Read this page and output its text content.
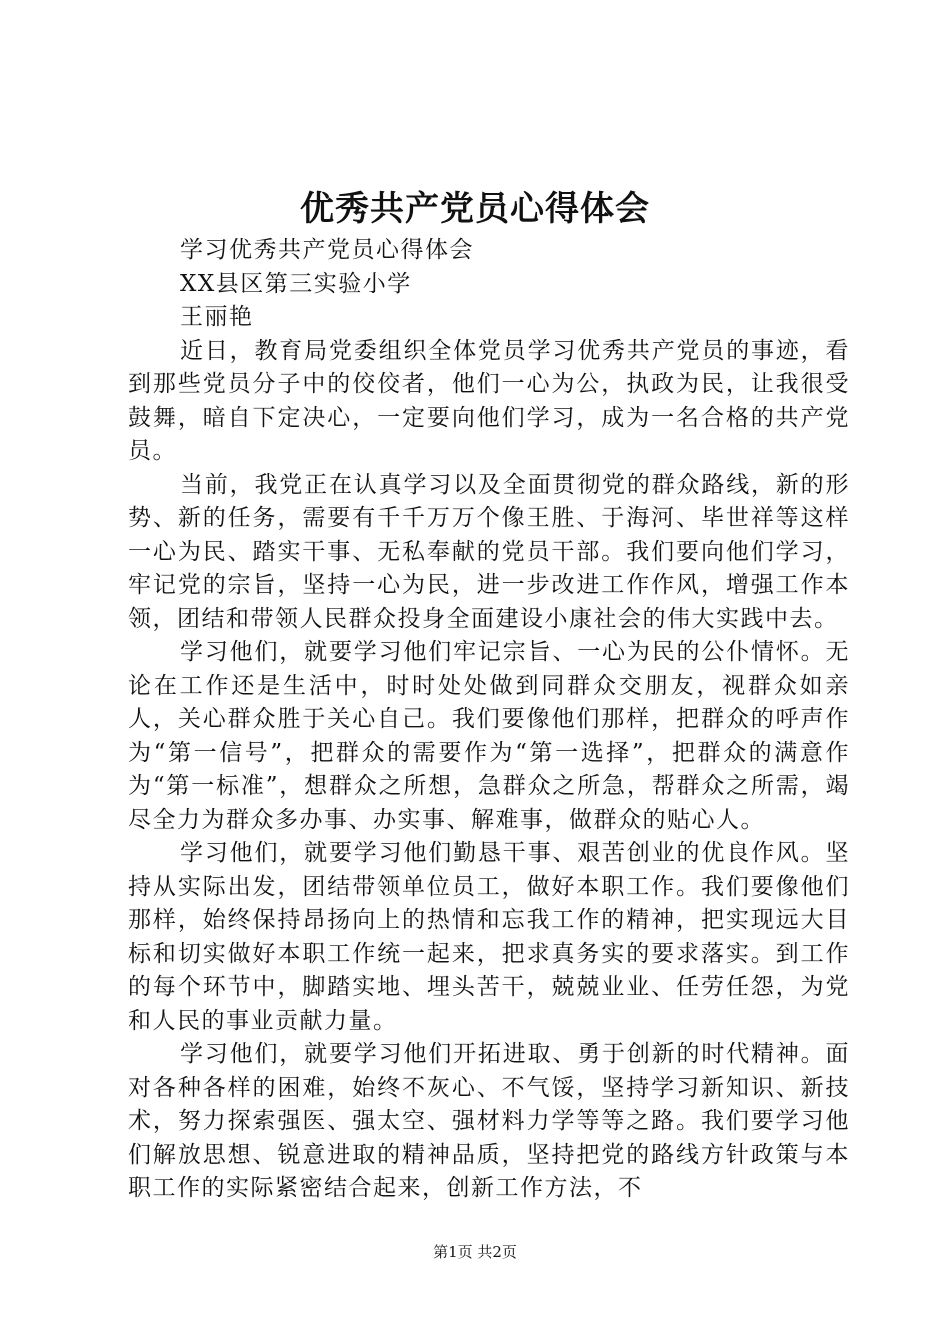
优秀共产党员心得体会

学习优秀共产党员心得体会

XX县区第三实验小学

王丽艳

近日，教育局党委组织全体党员学习优秀共产党员的事迹，看到那些党员分子中的佼佼者，他们一心为公，执政为民，让我很受鼓舞，暗自下定决心，一定要向他们学习，成为一名合格的共产党员。

当前，我党正在认真学习以及全面贯彻党的群众路线，新的形势、新的任务，需要有千千万万个像王胜、于海河、毕世祥等这样一心为民、踏实干事、无私奉献的党员干部。我们要向他们学习，牢记党的宗旨，坚持一心为民，进一步改进工作作风，增强工作本领，团结和带领人民群众投身全面建设小康社会的伟大实践中去。

学习他们，就要学习他们牢记宗旨、一心为民的公仆情怀。无论在工作还是生活中，时时处处做到同群众交朋友，视群众如亲人，关心群众胜于关心自己。我们要像他们那样，把群众的呼声作为“第一信号”，把群众的需要作为“第一选择”，把群众的满意作为“第一标准”，想群众之所想，急群众之所急，帮群众之所需，竭尽全力为群众多办事、办实事、解难事，做群众的贴心人。

学习他们，就要学习他们勤恳干事、艰苦创业的优良作风。坚持从实际出发，团结带领单位员工，做好本职工作。我们要像他们那样，始终保持昂扬向上的热情和忘我工作的精神，把实现远大目标和切实做好本职工作统一起来，把求真务实的要求落实。到工作的每个环节中，脚踏实地、埋头苦干，兢兢业业、任劳任怨，为党和人民的事业贡献力量。

学习他们，就要学习他们开拓进取、勇于创新的时代精神。面对各种各样的困难，始终不灰心、不气馁，坚持学习新知识、新技术，努力探索强医、强太空、强材料力学等等之路。我们要学习他们解放思想、锐意进取的精神品质，坚持把党的路线方针政策与本职工作的实际紧密结合起来，创新工作方法，不

第1页 共2页
